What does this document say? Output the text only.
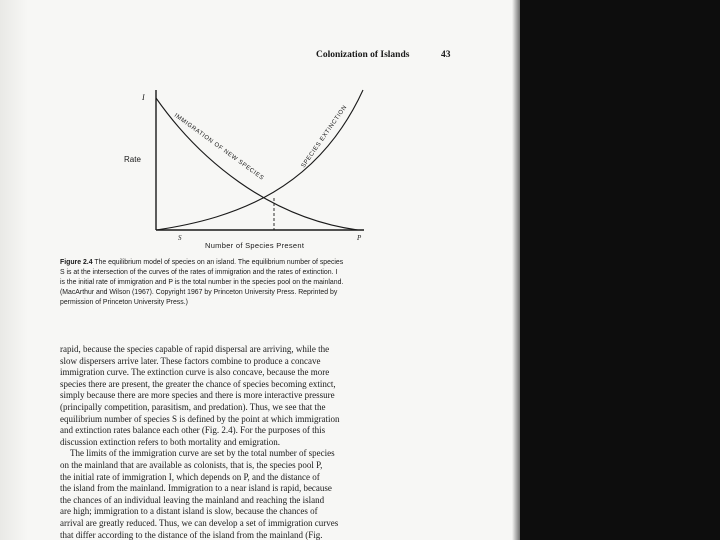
Colonization of Islands	43
I
S	P
IMMIGRATION OF NEW SPECIES	SPECIES EXTINCTION
Rate
Number of Species Present
Figure 2.4 The equilibrium model of species on an island. The equilibrium number of species
S is at the intersection of the curves of the rates of immigration and the rates of extinction. I
is the initial rate of immigration and P is the total number in the species pool on the mainland.
(MacArthur and Wilson (1967). Copyright 1967 by Princeton University Press. Reprinted by
permission of Princeton University Press.)
rapid, because the species capable of rapid dispersal are arriving, while the
slow dispersers arrive later. These factors combine to produce a concave
immigration curve. The extinction curve is also concave, because the more
species there are present, the greater the chance of species becoming extinct,
simply because there are more species and there is more interactive pressure
(principally competition, parasitism, and predation). Thus, we see that the
equilibrium number of species S is defined by the point at which immigration
and extinction rates balance each other (Fig. 2.4). For the purposes of this
discussion extinction refers to both mortality and emigration.
The limits of the immigration curve are set by the total number of species
on the mainland that are available as colonists, that is, the species pool P,
the initial rate of immigration I, which depends on P, and the distance of
the island from the mainland. Immigration to a near island is rapid, because
the chances of an individual leaving the mainland and reaching the island
are high; immigration to a distant island is slow, because the chances of
arrival are greatly reduced. Thus, we can develop a set of immigration curves
that differ according to the distance of the island from the mainland (Fig.
